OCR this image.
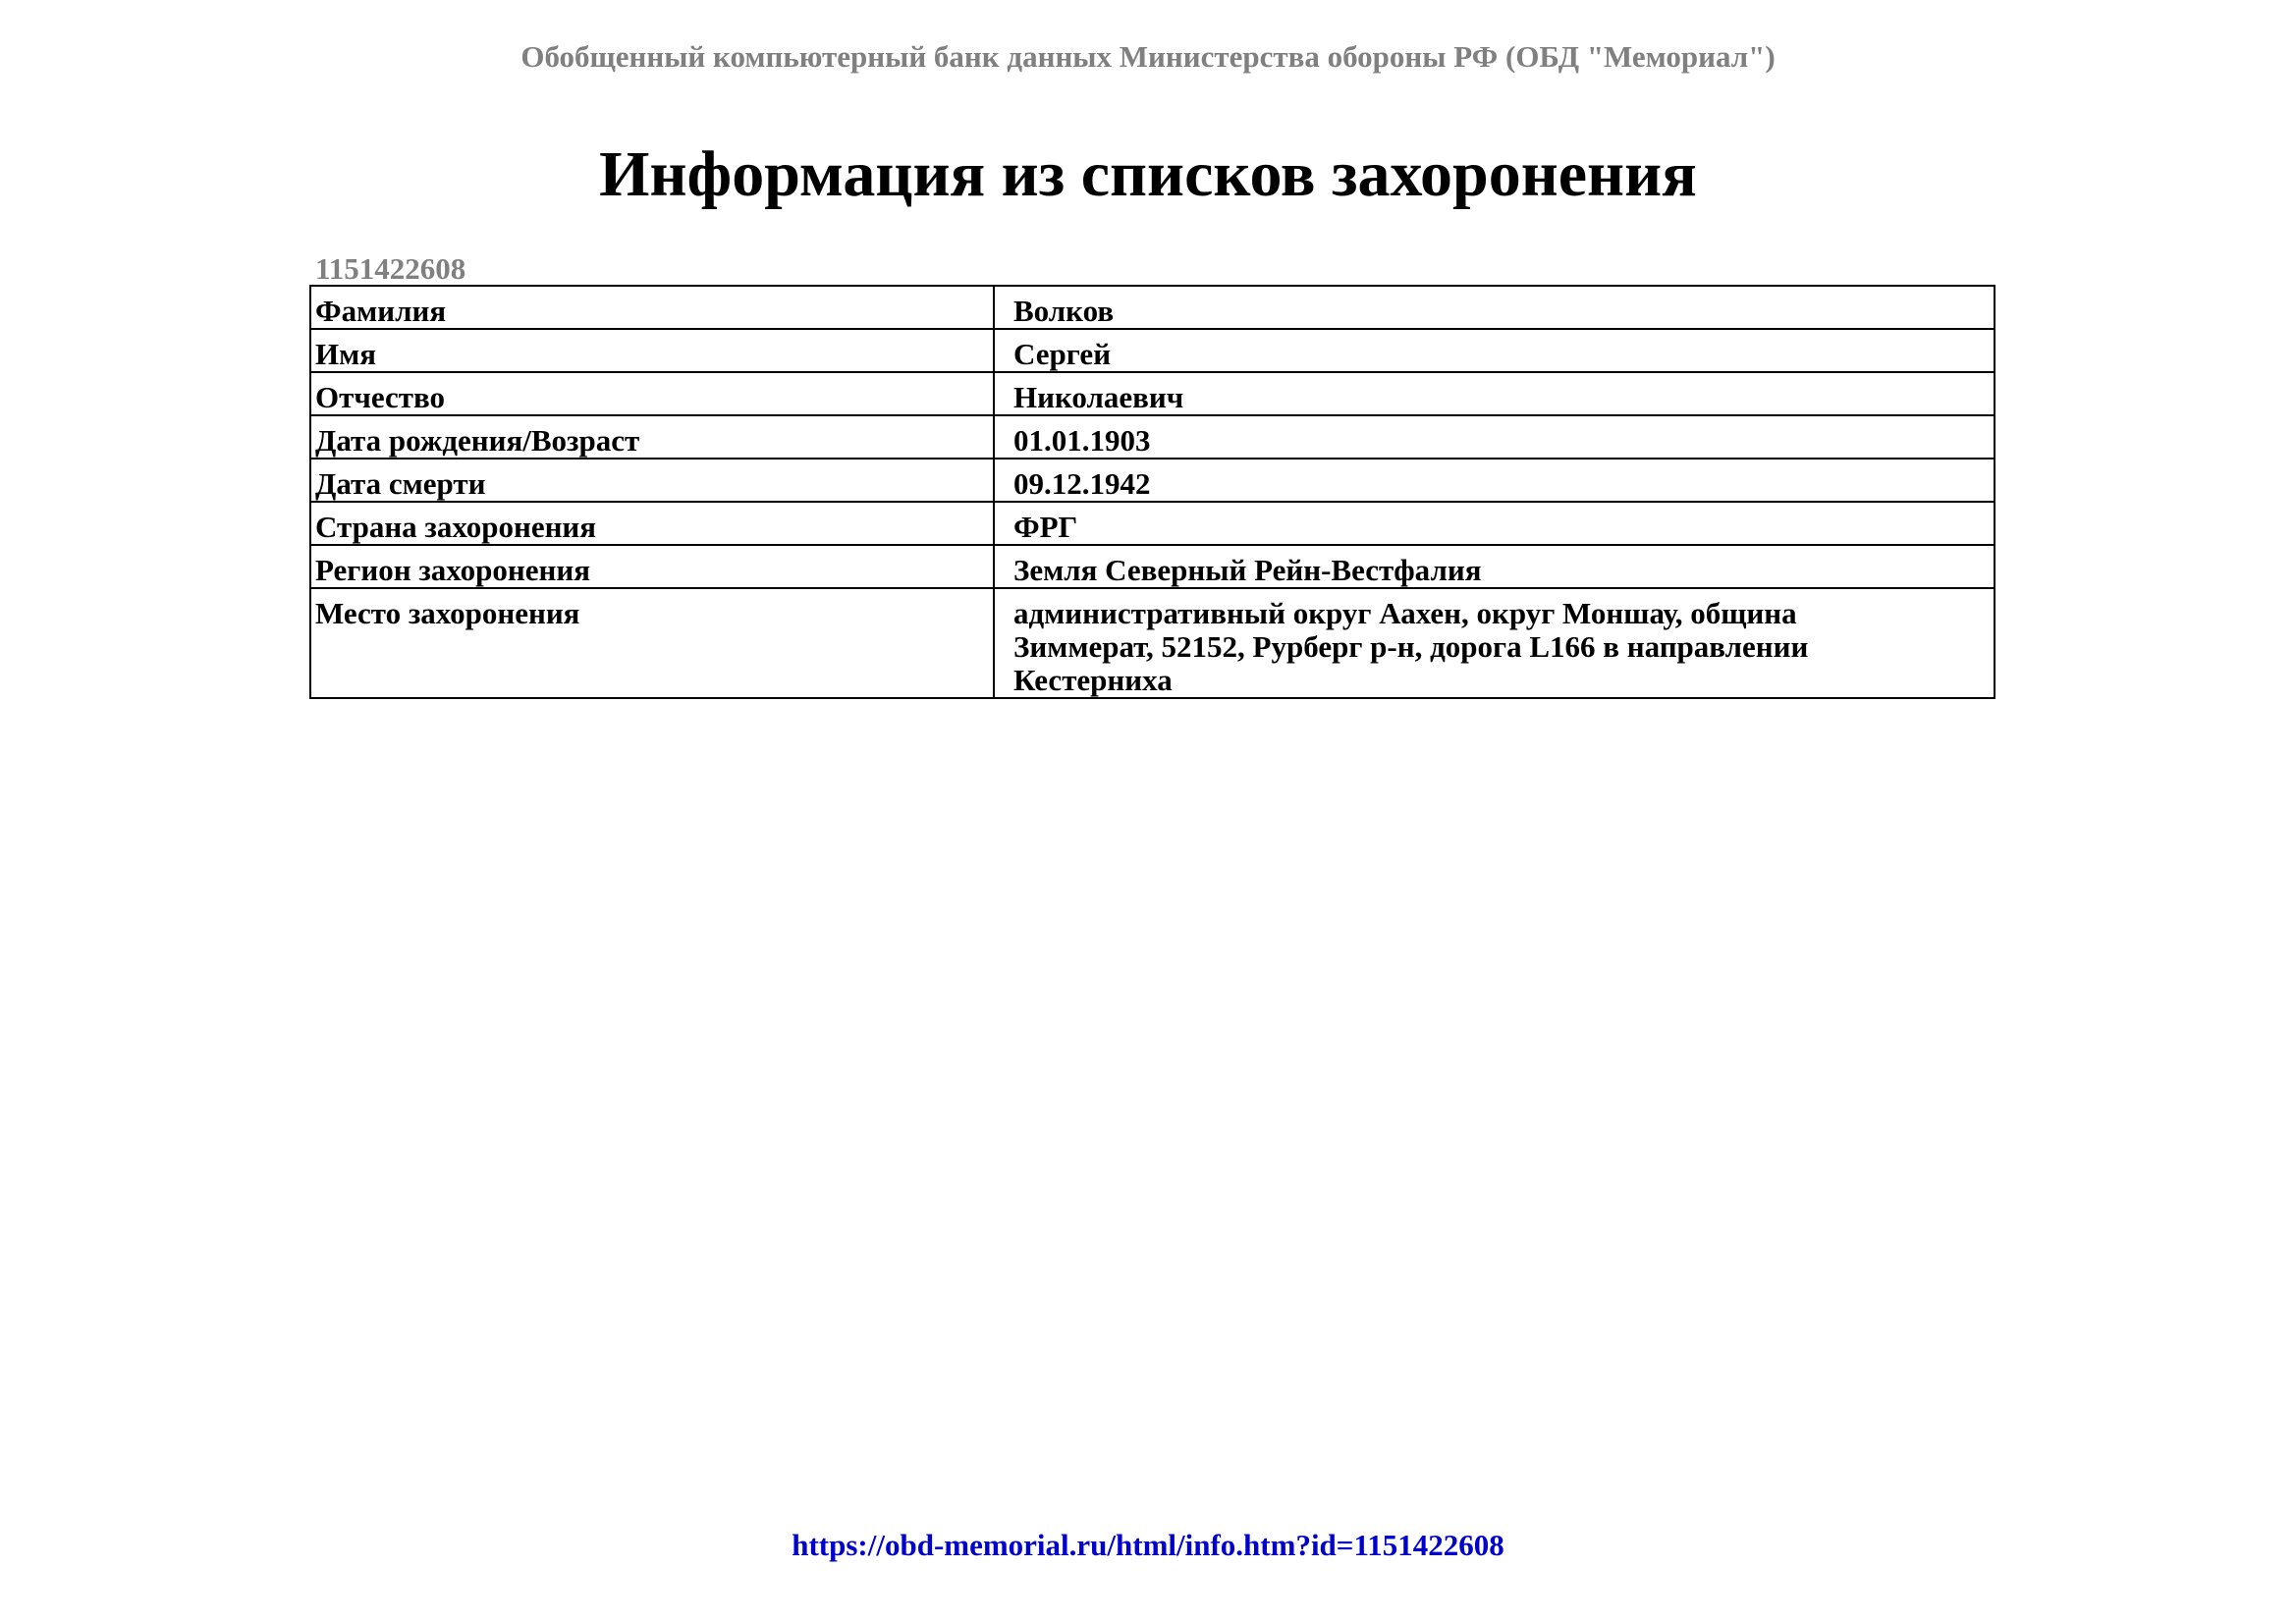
Обобщенный компьютерный банк данных Министерства обороны РФ (ОБД "Мемориал")
Информация из списков захоронения
1151422608
Фамилия	Волков
Имя	Сергей
Отчество	Николаевич
Дата рождения/Возраст	01.01.1903
Дата смерти	09.12.1942
Страна захоронения	ФРГ
Регион захоронения	Земля Северный Рейн-Вестфалия
Место захоронения	административный округ Аахен, округ Моншау, община Зиммерат, 52152, Рурберг р-н, дорога L166 в направлении Кестерниха
https://obd-memorial.ru/html/info.htm?id=1151422608
